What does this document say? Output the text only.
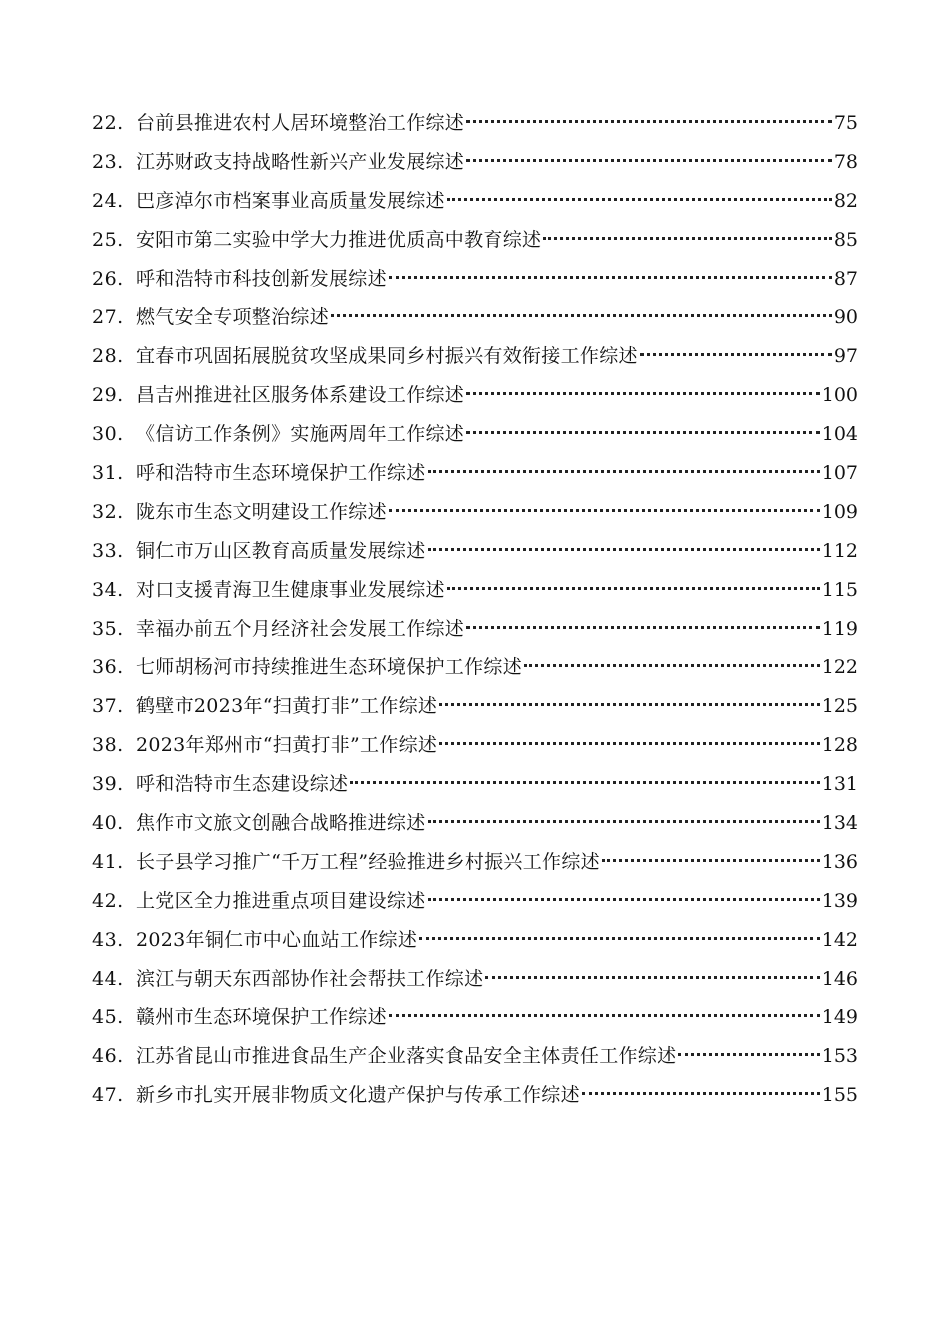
22. 台前县推进农村人居环境整治工作综述	75
23. 江苏财政支持战略性新兴产业发展综述	78
24. 巴彦淖尔市档案事业高质量发展综述	82
25. 安阳市第二实验中学大力推进优质高中教育综述	85
26. 呼和浩特市科技创新发展综述	87
27. 燃气安全专项整治综述	90
28. 宜春市巩固拓展脱贫攻坚成果同乡村振兴有效衔接工作综述	97
29. 昌吉州推进社区服务体系建设工作综述	100
30. 《信访工作条例》实施两周年工作综述	104
31. 呼和浩特市生态环境保护工作综述	107
32. 陇东市生态文明建设工作综述	109
33. 铜仁市万山区教育高质量发展综述	112
34. 对口支援青海卫生健康事业发展综述	115
35. 幸福办前五个月经济社会发展工作综述	119
36. 七师胡杨河市持续推进生态环境保护工作综述	122
37. 鹤壁市2023年“扫黄打非”工作综述	125
38. 2023年郑州市“扫黄打非”工作综述	128
39. 呼和浩特市生态建设综述	131
40. 焦作市文旅文创融合战略推进综述	134
41. 长子县学习推广“千万工程”经验推进乡村振兴工作综述	136
42. 上党区全力推进重点项目建设综述	139
43. 2023年铜仁市中心血站工作综述	142
44. 滨江与朝天东西部协作社会帮扶工作综述	146
45. 赣州市生态环境保护工作综述	149
46. 江苏省昆山市推进食品生产企业落实食品安全主体责任工作综述	153
47. 新乡市扎实开展非物质文化遗产保护与传承工作综述	155
